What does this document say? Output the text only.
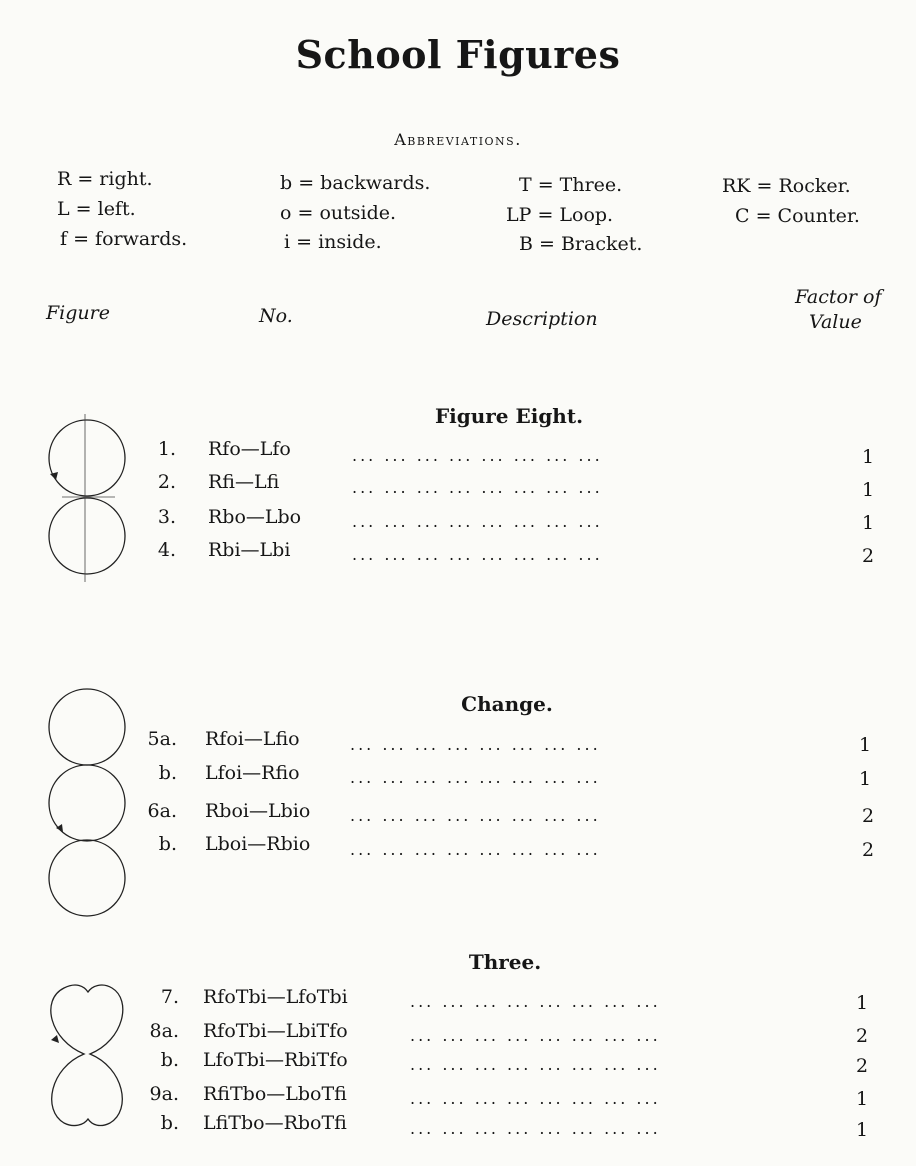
School Figures
Abbreviations.
R = right.
L = left.
f = forwards.
b = backwards.
o = outside.
i = inside.
T = Three.
LP = Loop.
B = Bracket.
RK = Rocker.
C = Counter.
Figure	No.	Description
Factor of
Value
Figure Eight.
1. Rfo—Lfo	... ... ... ... ... ... ... ...	1
2. Rfi—Lfi	... ... ... ... ... ... ... ...	1
3. Rbo—Lbo	... ... ... ... ... ... ... ...	1
4. Rbi—Lbi	... ... ... ... ... ... ... ...	2
Change.
5a. Rfoi—Lfio	... ... ... ... ... ... ... ...	1
b. Lfoi—Rfio	... ... ... ... ... ... ... ...	1
6a. Rboi—Lbio ... ... ... ... ... ... ... ...	2
b. Lboi—Rbio ... ... ... ... ... ... ... ...	2
Three.
7. RfoTbi—LfoTbi	... ... ... ... ... ... ... ...	1
8a. RfoTbi—LbiTfo	... ... ... ... ... ... ... ...	2
b. LfoTbi—RbiTfo	... ... ... ... ... ... ... ...	2
9a. RfiTbo—LboTfi	... ... ... ... ... ... ... ...	1
b. LfiTbo—RboTfi	... ... ... ... ... ... ... ...	1
